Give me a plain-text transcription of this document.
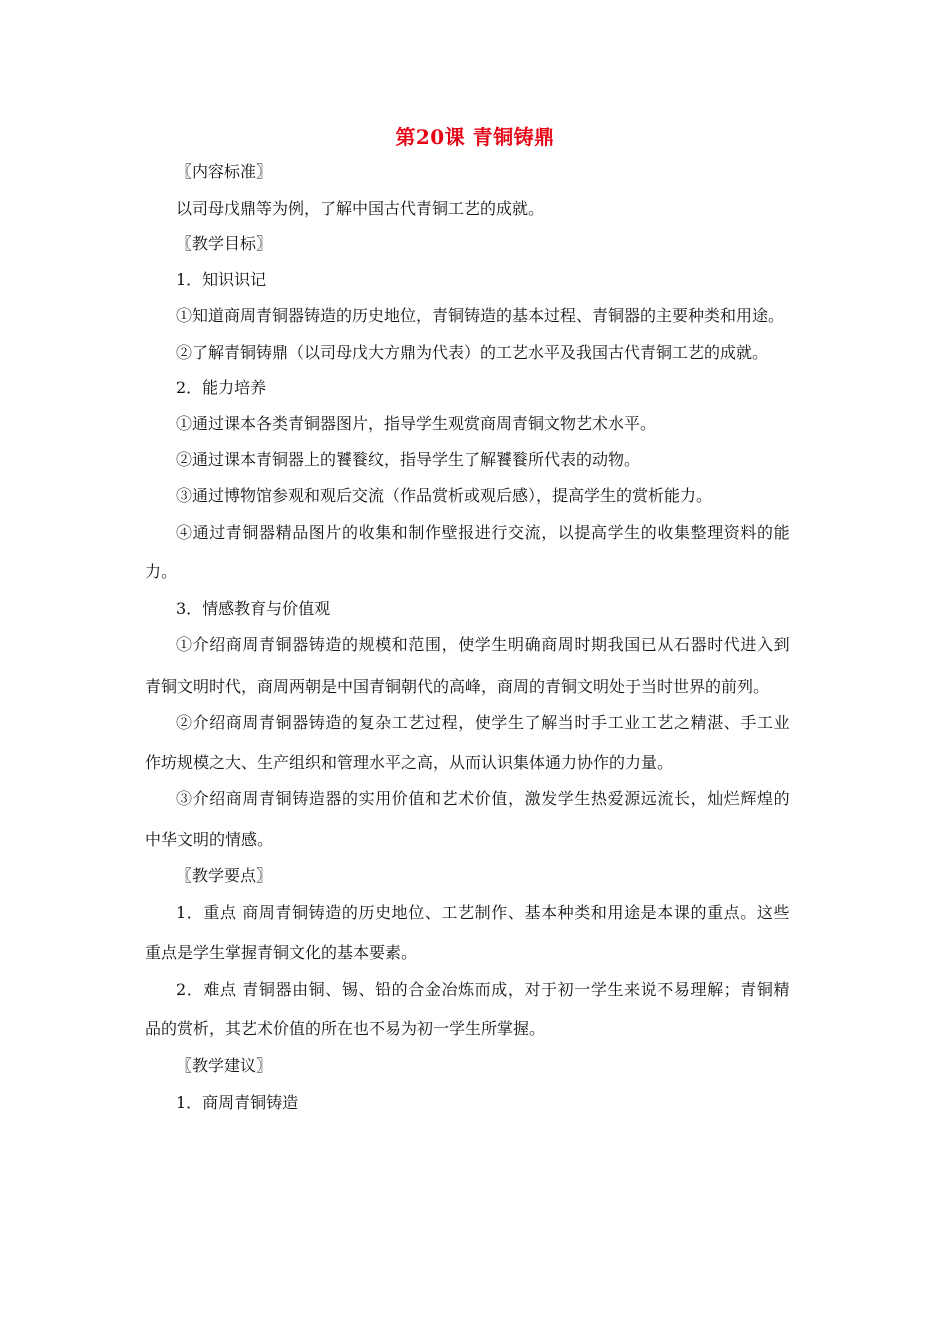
第20课 青铜铸鼎
〖内容标准〗
以司母戊鼎等为例，了解中国古代青铜工艺的成就。
〖教学目标〗
1．知识识记
①知道商周青铜器铸造的历史地位，青铜铸造的基本过程、青铜器的主要种类和用途。
②了解青铜铸鼎（以司母戊大方鼎为代表）的工艺水平及我国古代青铜工艺的成就。
2．能力培养
①通过课本各类青铜器图片，指导学生观赏商周青铜文物艺术水平。
②通过课本青铜器上的饕餮纹，指导学生了解饕餮所代表的动物。
③通过博物馆参观和观后交流（作品赏析或观后感），提高学生的赏析能力。
④通过青铜器精品图片的收集和制作壁报进行交流，以提高学生的收集整理资料的能
力。
3．情感教育与价值观
①介绍商周青铜器铸造的规模和范围，使学生明确商周时期我国已从石器时代进入到
青铜文明时代，商周两朝是中国青铜朝代的高峰，商周的青铜文明处于当时世界的前列。
②介绍商周青铜器铸造的复杂工艺过程，使学生了解当时手工业工艺之精湛、手工业
作坊规模之大、生产组织和管理水平之高，从而认识集体通力协作的力量。
③介绍商周青铜铸造器的实用价值和艺术价值，激发学生热爱源远流长，灿烂辉煌的
中华文明的情感。
〖教学要点〗
1．重点 商周青铜铸造的历史地位、工艺制作、基本种类和用途是本课的重点。这些
重点是学生掌握青铜文化的基本要素。
2．难点 青铜器由铜、锡、铅的合金冶炼而成，对于初一学生来说不易理解；青铜精
品的赏析，其艺术价值的所在也不易为初一学生所掌握。
〖教学建议〗
1．商周青铜铸造
